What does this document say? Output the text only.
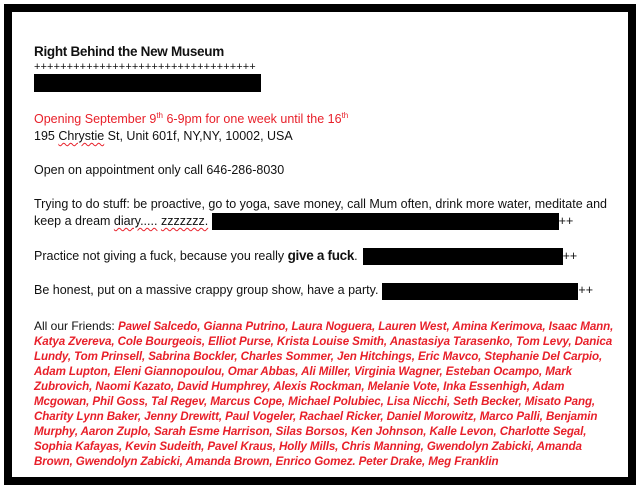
Right Behind the New Museum

++++++++++++++++++++++++++++++++++
Opening September 9th 6-9pm for one week until the 16th
195 Chrystie St, Unit 601f, NY,NY, 10002, USA
Open on appointment only call 646-286-8030
Trying to do stuff: be proactive, go to yoga, save money, call Mum often, drink more water, meditate and keep a dream diary..... zzzzzzz.	++
Practice not giving a fuck, because you really give a fuck.	++
Be honest, put on a massive crappy group show, have a party.	++
All our Friends: Pawel Salcedo, Gianna Putrino, Laura Noguera, Lauren West, Amina Kerimova, Isaac Mann, Katya Zvereva, Cole Bourgeois, Elliot Purse, Krista Louise Smith, Anastasiya Tarasenko, Tom Levy, Danica Lundy, Tom Prinsell, Sabrina Bockler, Charles Sommer, Jen Hitchings, Eric Mavco, Stephanie Del Carpio, Adam Lupton, Eleni Giannopoulou, Omar Abbas, Ali Miller, Virginia Wagner, Esteban Ocampo, Mark Zubrovich, Naomi Kazato, David Humphrey, Alexis Rockman, Melanie Vote, Inka Essenhigh, Adam Mcgowan, Phil Goss, Tal Regev, Marcus Cope, Michael Polubiec, Lisa Nicchi, Seth Becker, Misato Pang, Charity Lynn Baker, Jenny Drewitt, Paul Vogeler, Rachael Ricker, Daniel Morowitz, Marco Palli, Benjamin Murphy, Aaron Zuplo, Sarah Esme Harrison, Silas Borsos, Ken Johnson, Kalle Levon, Charlotte Segal, Sophia Kafayas, Kevin Sudeith, Pavel Kraus, Holly Mills, Chris Manning, Gwendolyn Zabicki, Amanda Brown, Gwendolyn Zabicki, Amanda Brown, Enrico Gomez. Peter Drake, Meg Franklin
